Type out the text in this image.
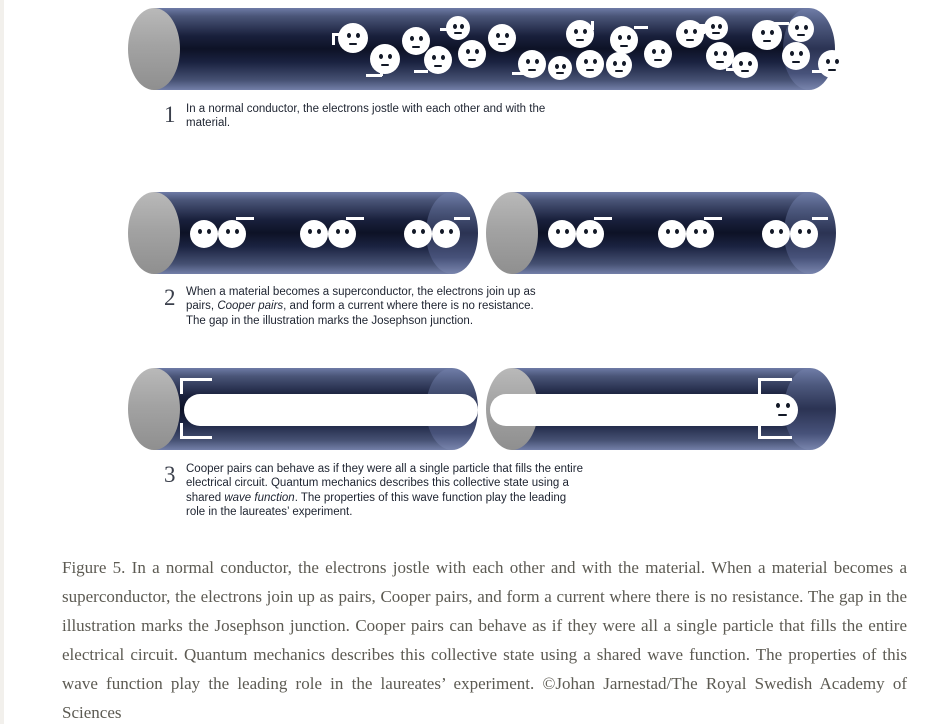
1 In a normal conductor, the electrons jostle with each other and with the material.
2 When a material becomes a superconductor, the electrons join up as pairs, Cooper pairs, and form a current where there is no resistance. The gap in the illustration marks the Josephson junction.
3 Cooper pairs can behave as if they were all a single particle that fills the entire electrical circuit. Quantum mechanics describes this collective state using a shared wave function. The properties of this wave function play the leading role in the laureates’ experiment.
Figure 5. In a normal conductor, the electrons jostle with each other and with the material. When a material becomes a superconductor, the electrons join up as pairs, Cooper pairs, and form a current where there is no resistance. The gap in the illustration marks the Josephson junction. Cooper pairs can behave as if they were all a single particle that fills the entire electrical circuit. Quantum mechanics describes this collective state using a shared wave function. The properties of this wave function play the leading role in the laureates’ experiment. ©Johan Jarnestad/The Royal Swedish Academy of Sciences
